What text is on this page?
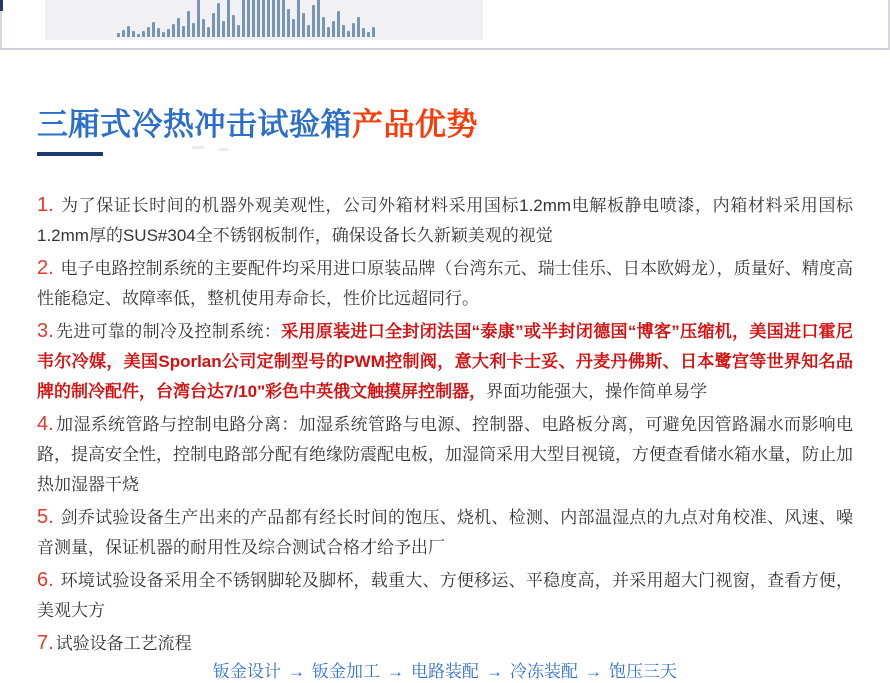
三厢式冷热冲击试验箱产品优势

1. 为了保证长时间的机器外观美观性，公司外箱材料采用国标1.2mm电解板静电喷漆，内箱材料采用国标1.2mm厚的SUS#304全不锈钢板制作，确保设备长久新颖美观的视觉

2. 电子电路控制系统的主要配件均采用进口原装品牌（台湾东元、瑞士佳乐、日本欧姆龙），质量好、精度高性能稳定、故障率低，整机使用寿命长，性价比远超同行。

3. 先进可靠的制冷及控制系统：采用原装进口全封闭法国“泰康”或半封闭德国“博客”压缩机，美国进口霍尼韦尔冷媒，美国Sporlan公司定制型号的PWM控制阀，意大利卡士妥、丹麦丹佛斯、日本鹭宫等世界知名品牌的制冷配件，台湾台达7/10"彩色中英俄文触摸屏控制器，界面功能强大，操作简单易学

4. 加湿系统管路与控制电路分离：加湿系统管路与电源、控制器、电路板分离，可避免因管路漏水而影响电路，提高安全性，控制电路部分配有绝缘防震配电板，加湿筒采用大型目视镜，方便查看储水箱水量，防止加热加湿器干烧

5. 剑乔试验设备生产出来的产品都有经长时间的饱压、烧机、检测、内部温湿点的九点对角校准、风速、噪音测量，保证机器的耐用性及综合测试合格才给予出厂

6. 环境试验设备采用全不锈钢脚轮及脚杯，载重大、方便移运、平稳度高，并采用超大门视窗，查看方便，美观大方

7. 试验设备工艺流程

钣金设计 → 钣金加工 → 电路装配 → 冷冻装配 → 饱压三天
